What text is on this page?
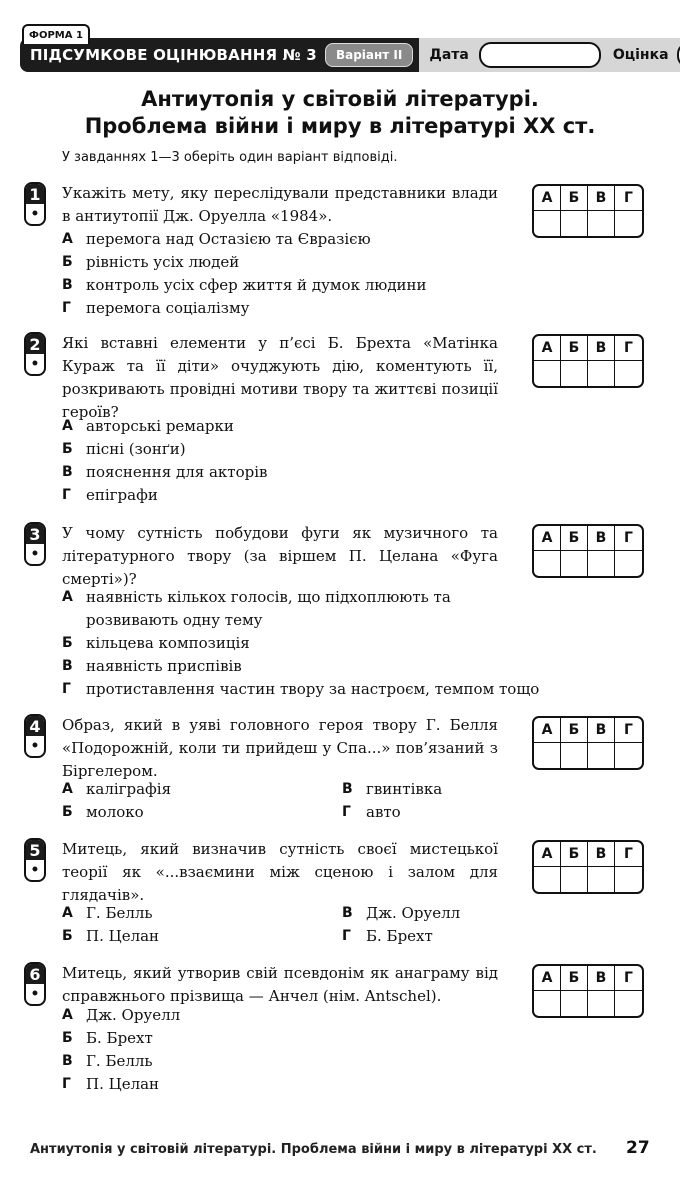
ФОРМА 1
ПІДСУМКОВЕ ОЦІНЮВАННЯ № 3	Варіант ІІ	Дата	Оцінка
Антиутопія у світовій літературі.
Проблема війни і миру в літературі ХХ ст.
У завданнях 1—3 оберіть один варіант відповіді.
1
•
Укажіть мету, яку переслідували представники влади в антиутопії Дж. Оруелла «1984».
А	Б	В	Г
А перемога над Остазією та Євразією
Б рівність усіх людей
В контроль усіх сфер життя й думок людини
Г	перемога соціалізму
2
•
Які вставні елементи у п’єсі Б. Брехта «Матінка Кураж та її діти» очуджують дію, коментують її, розкривають провідні мотиви твору та життєві позиції героїв?
А	Б	В	Г
А авторські ремарки
Б пісні (зонґи)
В пояснення для акторів
Г	епіграфи
3
•
У чому сутність побудови фуги як музичного та літературного твору (за віршем П. Целана «Фуга смерті»)?
А	Б	В	Г
А наявність кількох голосів, що підхоплюють та розвивають одну тему
Б кільцева композиція
В наявність приспівів
Г	протиставлення частин твору за настроєм, темпом тощо
4
•
Образ, який в уяві головного героя твору Г. Белля «Подорожній, коли ти прийдеш у Спа...» пов’язаний з Біргелером.
А	Б	В	Г
А каліграфія	В гвинтівка
Б молоко	Г	авто
5
•
Митець, який визначив сутність своєї мистецької теорії як «...взаємини між сценою і залом для глядачів».
А	Б	В	Г
А Г. Белль	В Дж. Оруелл
Б П. Целан	Г	Б. Брехт
6
•
Митець, який утворив свій псевдонім як анаграму від справжнього прізвища — Анчел (нім. Antschel).
А	Б	В	Г
А Дж. Оруелл
Б Б. Брехт
В Г. Белль
Г	П. Целан
Антиутопія у світовій літературі. Проблема війни і миру в літературі ХХ ст. 27
